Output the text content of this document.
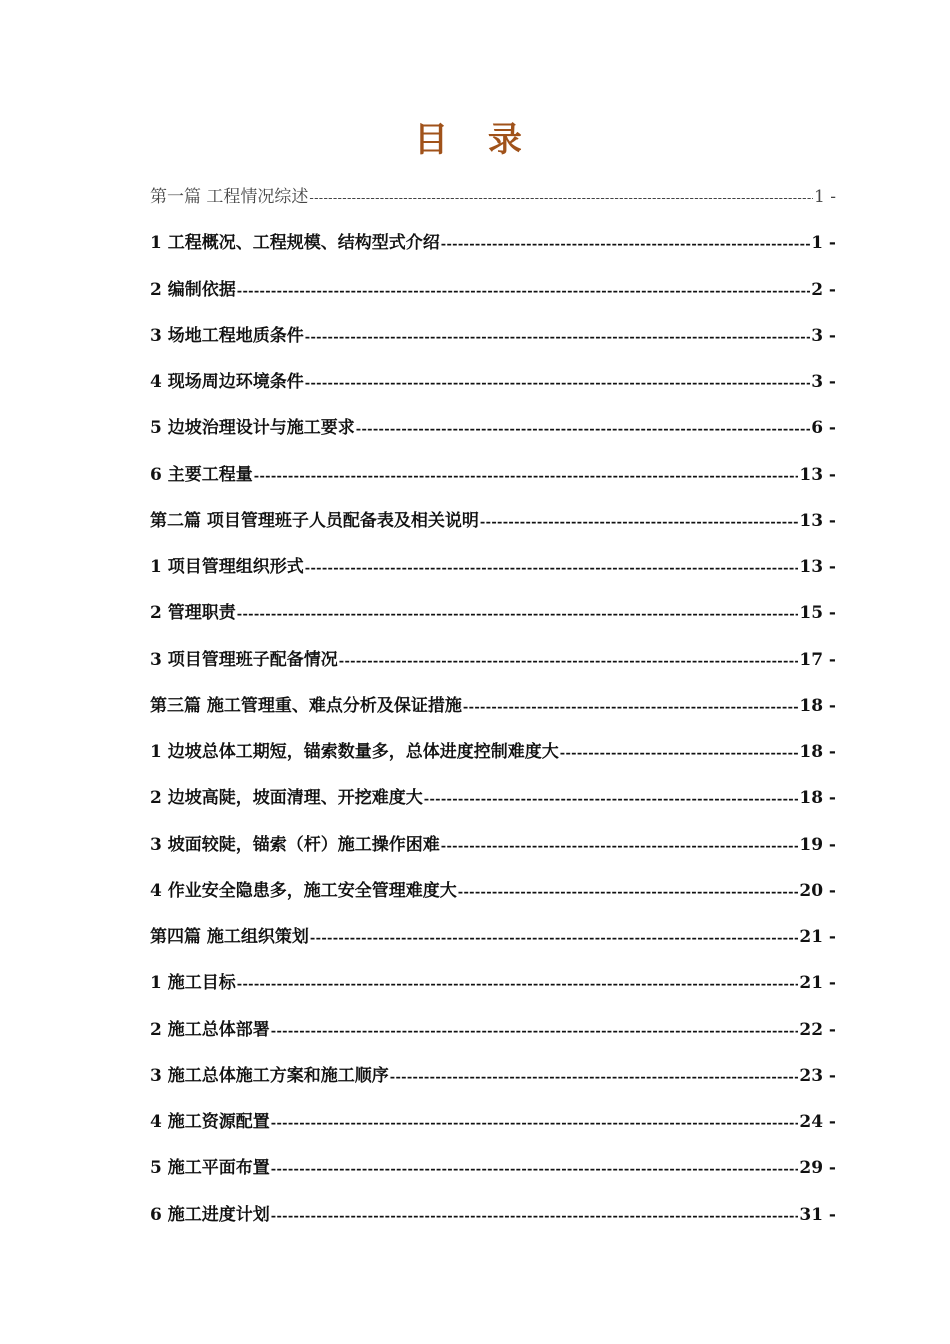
目 录
第一篇 工程情况综述 -----	1 -
1 工程概况、工程规模、结构型式介绍 -----	1 -
2 编制依据 -----	2 -
3 场地工程地质条件 -----	3 -
4 现场周边环境条件 -----	3 -
5 边坡治理设计与施工要求 -----	6 -
6 主要工程量 -----	13 -
第二篇 项目管理班子人员配备表及相关说明 -----	13 -
1 项目管理组织形式 -----	13 -
2 管理职责 -----	15 -
3 项目管理班子配备情况 -----	17 -
第三篇 施工管理重、难点分析及保证措施 -----	18 -
1 边坡总体工期短，锚索数量多，总体进度控制难度大 -----	18 -
2 边坡高陡，坡面清理、开挖难度大 -----	18 -
3 坡面较陡，锚索（杆）施工操作困难 -----	19 -
4 作业安全隐患多，施工安全管理难度大 -----	20 -
第四篇 施工组织策划 -----	21 -
1 施工目标 -----	21 -
2 施工总体部署 -----	22 -
3 施工总体施工方案和施工顺序 -----	23 -
4 施工资源配置 -----	24 -
5 施工平面布置 -----	29 -
6 施工进度计划 -----	31 -
